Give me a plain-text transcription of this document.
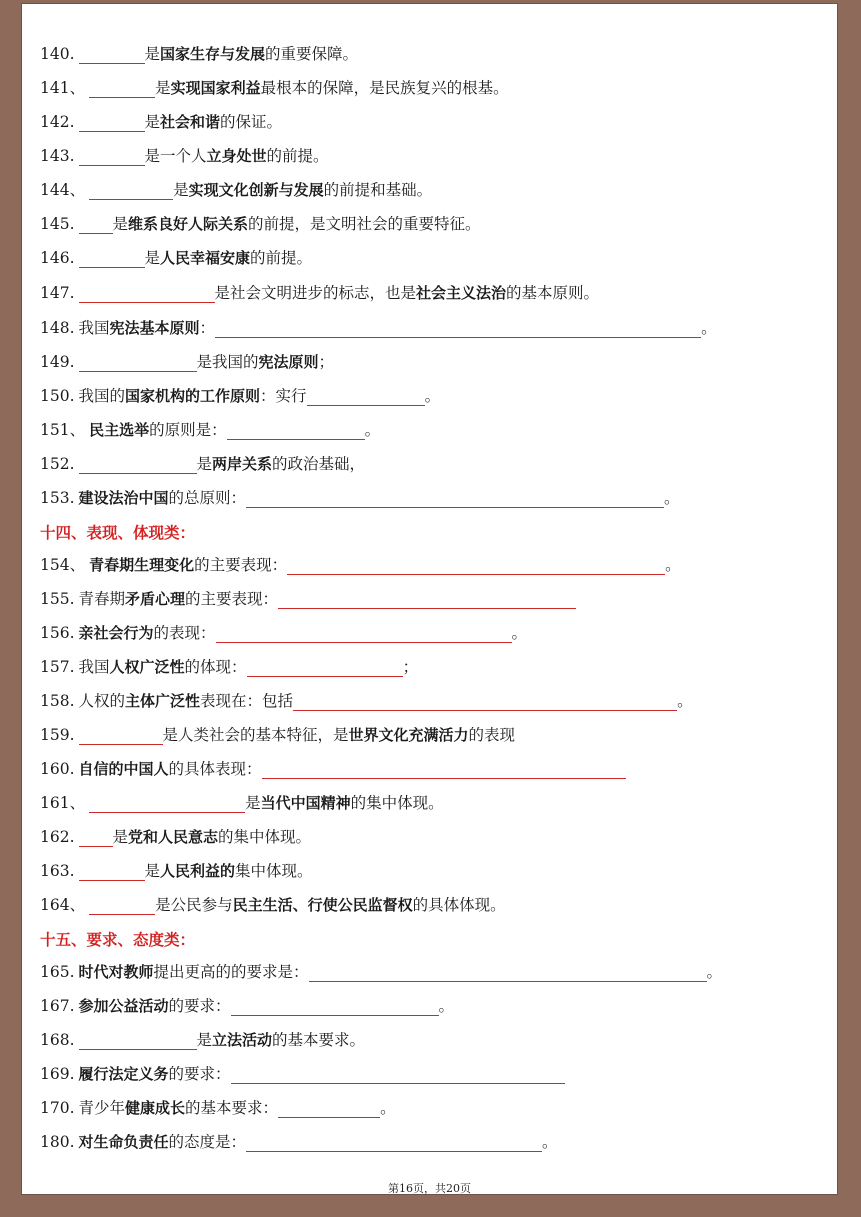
第16页，共20页
140.	是国家生存与发展的重要保障。
141、	是实现国家利益最根本的保障，是民族复兴的根基。
142.	是社会和谐的保证。
143.	是一个人立身处世的前提。
144、	是实现文化创新与发展的前提和基础。
145. 是维系良好人际关系的前提，是文明社会的重要特征。
146.	是人民幸福安康的前提。
147.	是社会文明进步的标志，也是社会主义法治的基本原则。
148. 我国宪法基本原则：	。
149.	是我国的宪法原则；
150. 我国的国家机构的工作原则：实行	。
151、 民主选举的原则是：	。
152.	是两岸关系的政治基础，
153. 建设法治中国的总原则：	。
十四、表现、体现类：
154、 青春期生理变化的主要表现：	。
155. 青春期矛盾心理的主要表现：
156. 亲社会行为的表现：	。
157. 我国人权广泛性的体现：	；
158. 人权的主体广泛性表现在：包括	。
159.	是人类社会的基本特征，是世界文化充满活力的表现
160. 自信的中国人的具体表现：
161、	是当代中国精神的集中体现。
162. 是党和人民意志的集中体现。
163.	是人民利益的集中体现。
164、	是公民参与民主生活、行使公民监督权的具体体现。
十五、要求、态度类：
165. 时代对教师提出更高的的要求是：	。
167. 参加公益活动的要求：	。
168.	是立法活动的基本要求。
169. 履行法定义务的要求：
170. 青少年健康成长的基本要求：	。
180. 对生命负责任的态度是：	。
